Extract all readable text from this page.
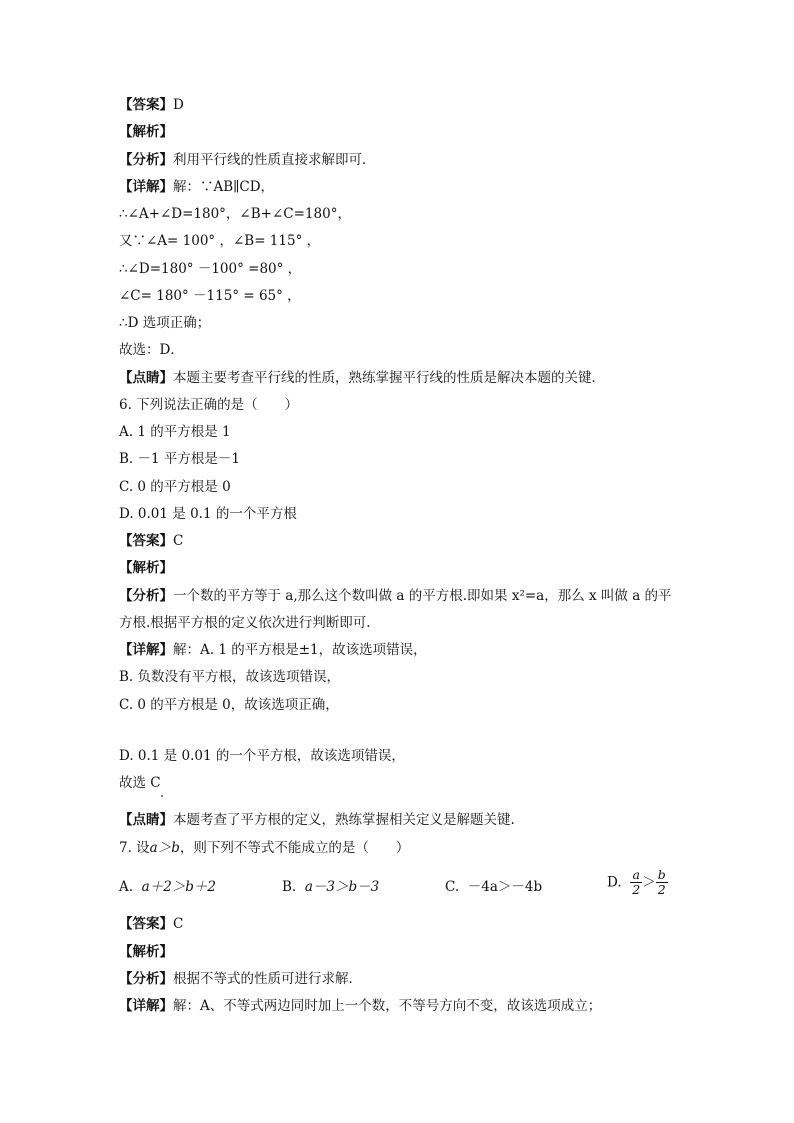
【答案】D
【解析】
【分析】利用平行线的性质直接求解即可．
【详解】解：∵AB∥CD，
∴∠A+∠D=180°，∠B+∠C=180°，
又∵∠A= 100° ，∠B= 115° ，
∴∠D=180° －100° =80° ，
∠C= 180° －115° = 65° ，
∴D 选项正确；
故选：D．
【点睛】本题主要考查平行线的性质，熟练掌握平行线的性质是解决本题的关键．
6. 下列说法正确的是（　　）
A. 1 的平方根是 1
B. －1 平方根是－1
C. 0 的平方根是 0
D. 0.01 是 0.1 的一个平方根
【答案】C
【解析】
【分析】一个数的平方等于 a,那么这个数叫做 a 的平方根.即如果 x²=a，那么 x 叫做 a 的平
方根.根据平方根的定义依次进行判断即可.
【详解】解：A. 1 的平方根是±1，故该选项错误，
B. 负数没有平方根，故该选项错误，
C. 0 的平方根是 0，故该选项正确，
D. 0.1 是 0.01 的一个平方根，故该选项错误，
故选 C
【点睛】本题考查了平方根的定义，熟练掌握相关定义是解题关键.
7. 设a＞b，则下列不等式不能成立的是（　　）
A. a＋2＞b＋2	B. a－3＞b－3	C. －4a＞－4b	D. $\frac{a}{2} > \frac{b}{2}$
【答案】C
【解析】
【分析】根据不等式的性质可进行求解．
【详解】解：A、不等式两边同时加上一个数，不等号方向不变，故该选项成立；
